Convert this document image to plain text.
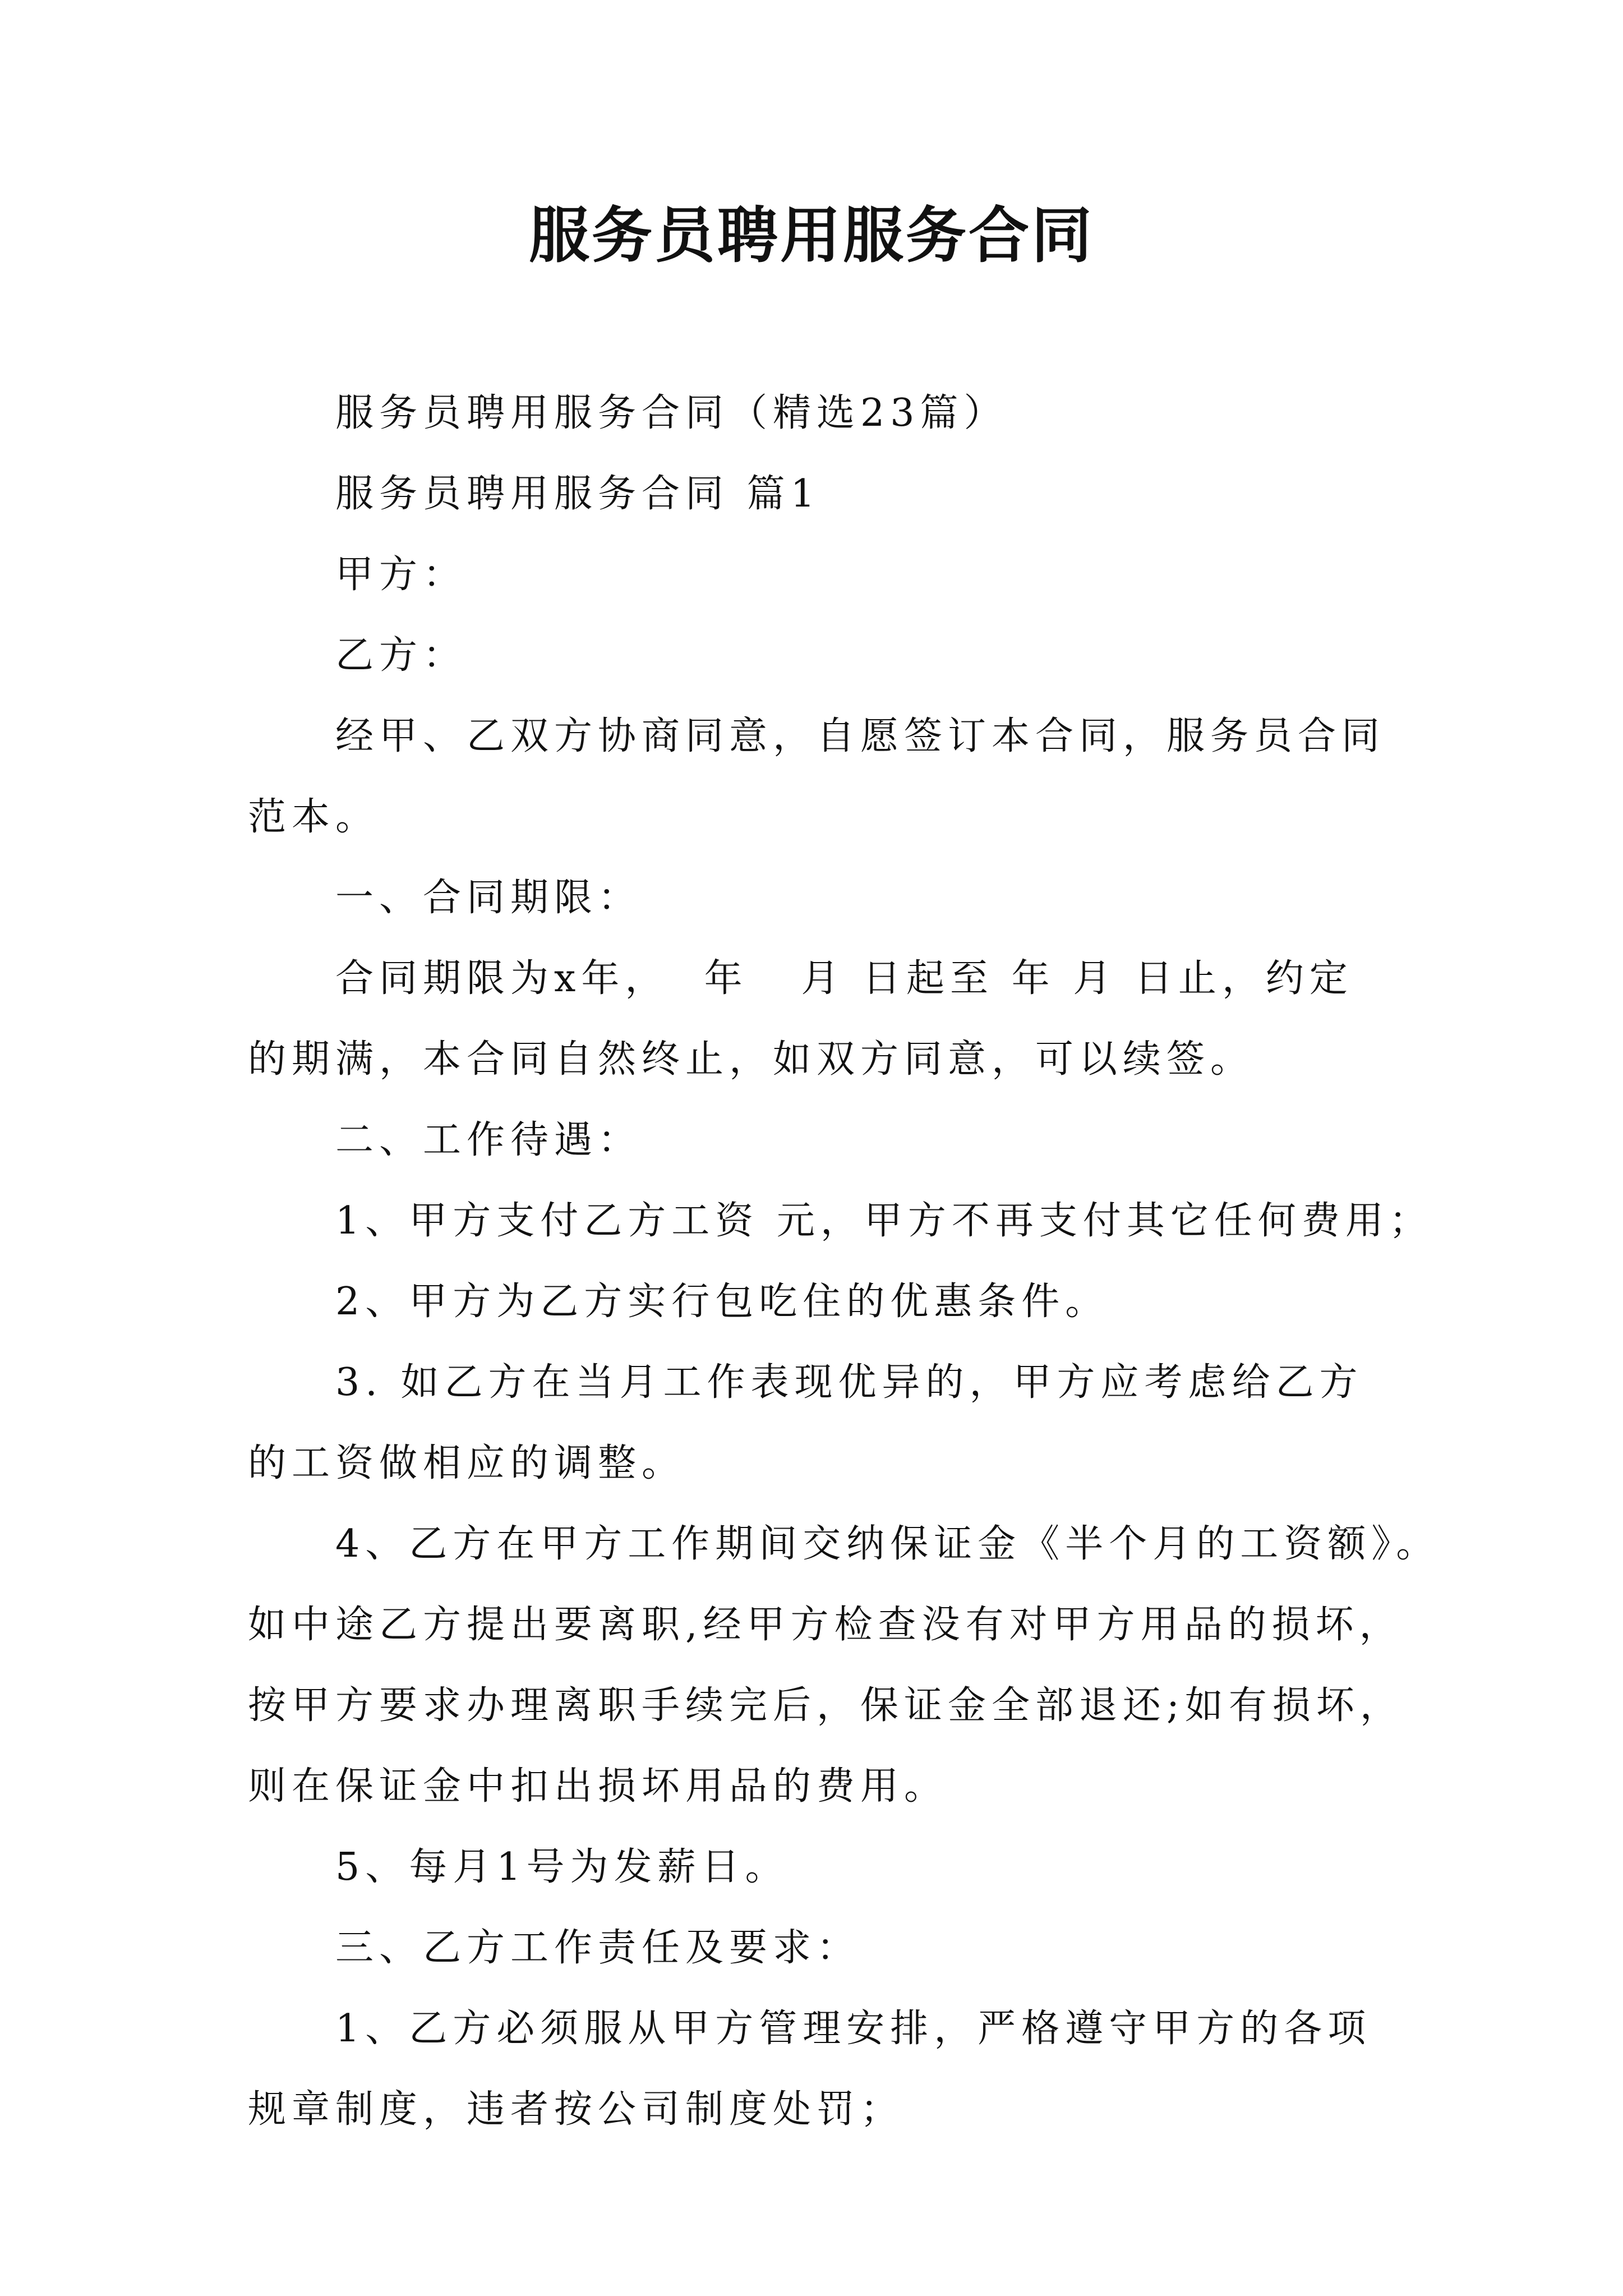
服务员聘用服务合同
服务员聘用服务合同（精选23篇）
服务员聘用服务合同 篇1
甲方：
乙方：
经甲、乙双方协商同意，自愿签订本合同，服务员合同
范本。
一、合同期限：
合同期限为x年，  年   月 日起至 年 月 日止，约定
的期满，本合同自然终止，如双方同意，可以续签。
二、工作待遇：
1、甲方支付乙方工资 元，甲方不再支付其它任何费用；
2、甲方为乙方实行包吃住的优惠条件。
3. 如乙方在当月工作表现优异的，甲方应考虑给乙方
的工资做相应的调整。
4、乙方在甲方工作期间交纳保证金《半个月的工资额》。
如中途乙方提出要离职,经甲方检查没有对甲方用品的损坏，
按甲方要求办理离职手续完后，保证金全部退还;如有损坏，
则在保证金中扣出损坏用品的费用。
5、每月1号为发薪日。
三、乙方工作责任及要求：
1、乙方必须服从甲方管理安排，严格遵守甲方的各项
规章制度，违者按公司制度处罚；
